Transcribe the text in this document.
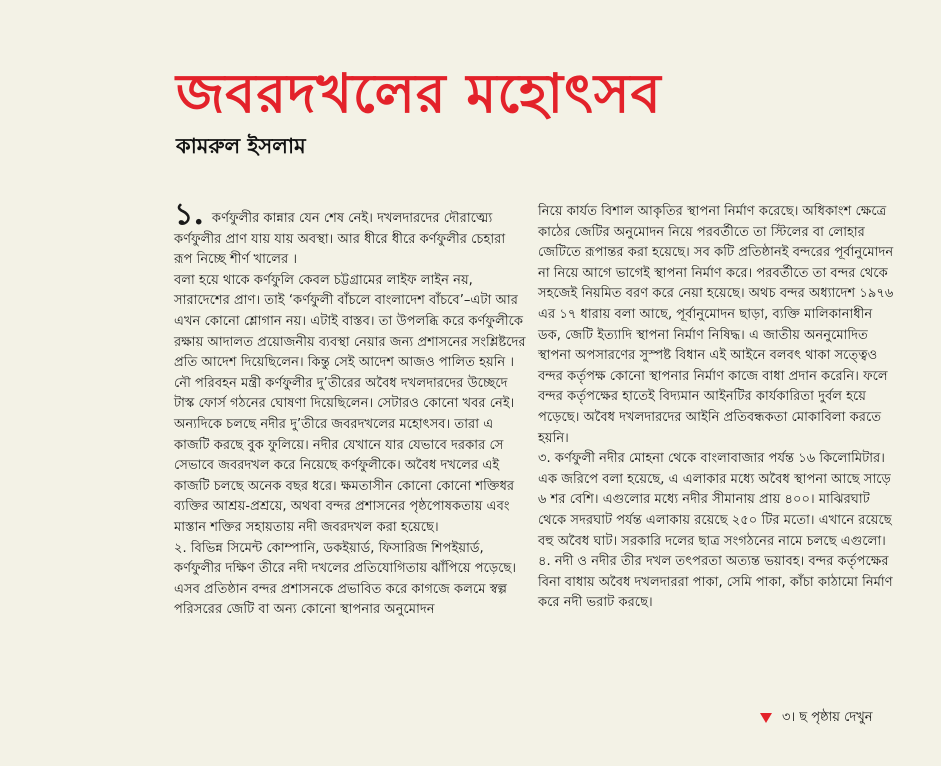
জবরদখলের মহোৎসব
কামরুল ইসলাম

১. কর্ণফুলীর কান্নার যেন শেষ নেই। দখলদারদের দৌরাত্ম্যে কর্ণফুলীর প্রাণ যায় যায় অবস্থা। আর ধীরে ধীরে কর্ণফুলীর চেহারা রূপ নিচ্ছে শীর্ণ খালের ।

বলা হয়ে থাকে কর্ণফুলি কেবল চট্টগ্রামের লাইফ লাইন নয়, সারাদেশের প্রাণ। তাই ‘কর্ণফুলী বাঁচলে বাংলাদেশ বাঁচবে’–এটা আর এখন কোনো শ্লোগান নয়। এটাই বাস্তব। তা উপলব্ধি করে কর্ণফুলীকে রক্ষায় আদালত প্রয়োজনীয় ব্যবস্থা নেয়ার জন্য প্রশাসনের সংশ্লিষ্টদের প্রতি আদেশ দিয়েছিলেন। কিন্তু সেই আদেশ আজও পালিত হয়নি । নৌ পরিবহন মন্ত্রী কর্ণফুলীর দু’তীরের অবৈধ দখলদারদের উচ্ছেদে টাস্ক ফোর্স গঠনের ঘোষণা দিয়েছিলেন। সেটারও কোনো খবর নেই। অন্যদিকে চলছে নদীর দু’তীরে জবরদখলের মহোৎসব। তারা এ কাজটি করছে বুক ফুলিয়ে। নদীর যেখানে যার যেভাবে দরকার সে সেভাবে জবরদখল করে নিয়েছে কর্ণফুলীকে। অবৈধ দখলের এই কাজটি চলছে অনেক বছর ধরে। ক্ষমতাসীন কোনো কোনো শক্তিধর ব্যক্তির আশ্রয়-প্রশ্রয়ে, অথবা বন্দর প্রশাসনের পৃষ্ঠপোষকতায় এবং মাস্তান শক্তির সহায়তায় নদী জবরদখল করা হয়েছে।

২. বিভিন্ন সিমেন্ট কোম্পানি, ডকইয়ার্ড, ফিসারিজ শিপইয়ার্ড, কর্ণফুলীর দক্ষিণ তীরে নদী দখলের প্রতিযোগিতায় ঝাঁপিয়ে পড়েছে। এসব প্রতিষ্ঠান বন্দর প্রশাসনকে প্রভাবিত করে কাগজে কলমে স্বল্প পরিসরের জেটি বা অন্য কোনো স্থাপনার অনুমোদন

নিয়ে কার্যত বিশাল আকৃতির স্থাপনা নির্মাণ করেছে। অধিকাংশ ক্ষেত্রে কাঠের জেটির অনুমোদন নিয়ে পরবর্তীতে তা স্টিলের বা লোহার জেটিতে রূপান্তর করা হয়েছে। সব কটি প্রতিষ্ঠানই বন্দরের পূর্বানুমোদন না নিয়ে আগে ভাগেই স্থাপনা নির্মাণ করে। পরবর্তীতে তা বন্দর থেকে সহজেই নিয়মিত বরণ করে নেয়া হয়েছে। অথচ বন্দর অধ্যাদেশ ১৯৭৬ এর ১৭ ধারায় বলা আছে, পূর্বানুমোদন ছাড়া, ব্যক্তি মালিকানাধীন ডক, জেটি ইত্যাদি স্থাপনা নির্মাণ নিষিদ্ধ। এ জাতীয় অননুমোদিত স্থাপনা অপসারণের সুস্পষ্ট বিধান এই আইনে বলবৎ থাকা সত্ত্বেও বন্দর কর্তৃপক্ষ কোনো স্থাপনার নির্মাণ কাজে বাধা প্রদান করেনি। ফলে বন্দর কর্তৃপক্ষের হাতেই বিদ্যমান আইনটির কার্যকারিতা দুর্বল হয়ে পড়েছে। অবৈধ দখলদারদের আইনি প্রতিবন্ধকতা মোকাবিলা করতে হয়নি।

৩. কর্ণফুলী নদীর মোহনা থেকে বাংলাবাজার পর্যন্ত ১৬ কিলোমিটার। এক জরিপে বলা হয়েছে, এ এলাকার মধ্যে অবৈধ স্থাপনা আছে সাড়ে ৬ শর বেশি। এগুলোর মধ্যে নদীর সীমানায় প্রায় ৪০০। মাঝিরঘাট থেকে সদরঘাট পর্যন্ত এলাকায় রয়েছে ২৫০ টির মতো। এখানে রয়েছে বহু অবৈধ ঘাট। সরকারি দলের ছাত্র সংগঠনের নামে চলছে এগুলো।

৪. নদী ও নদীর তীর দখল তৎপরতা অত্যন্ত ভয়াবহ। বন্দর কর্তৃপক্ষের বিনা বাধায় অবৈধ দখলদাররা পাকা, সেমি পাকা, কাঁচা কাঠামো নির্মাণ করে নদী ভরাট করছে।

৩। ছ পৃষ্ঠায় দেখুন
